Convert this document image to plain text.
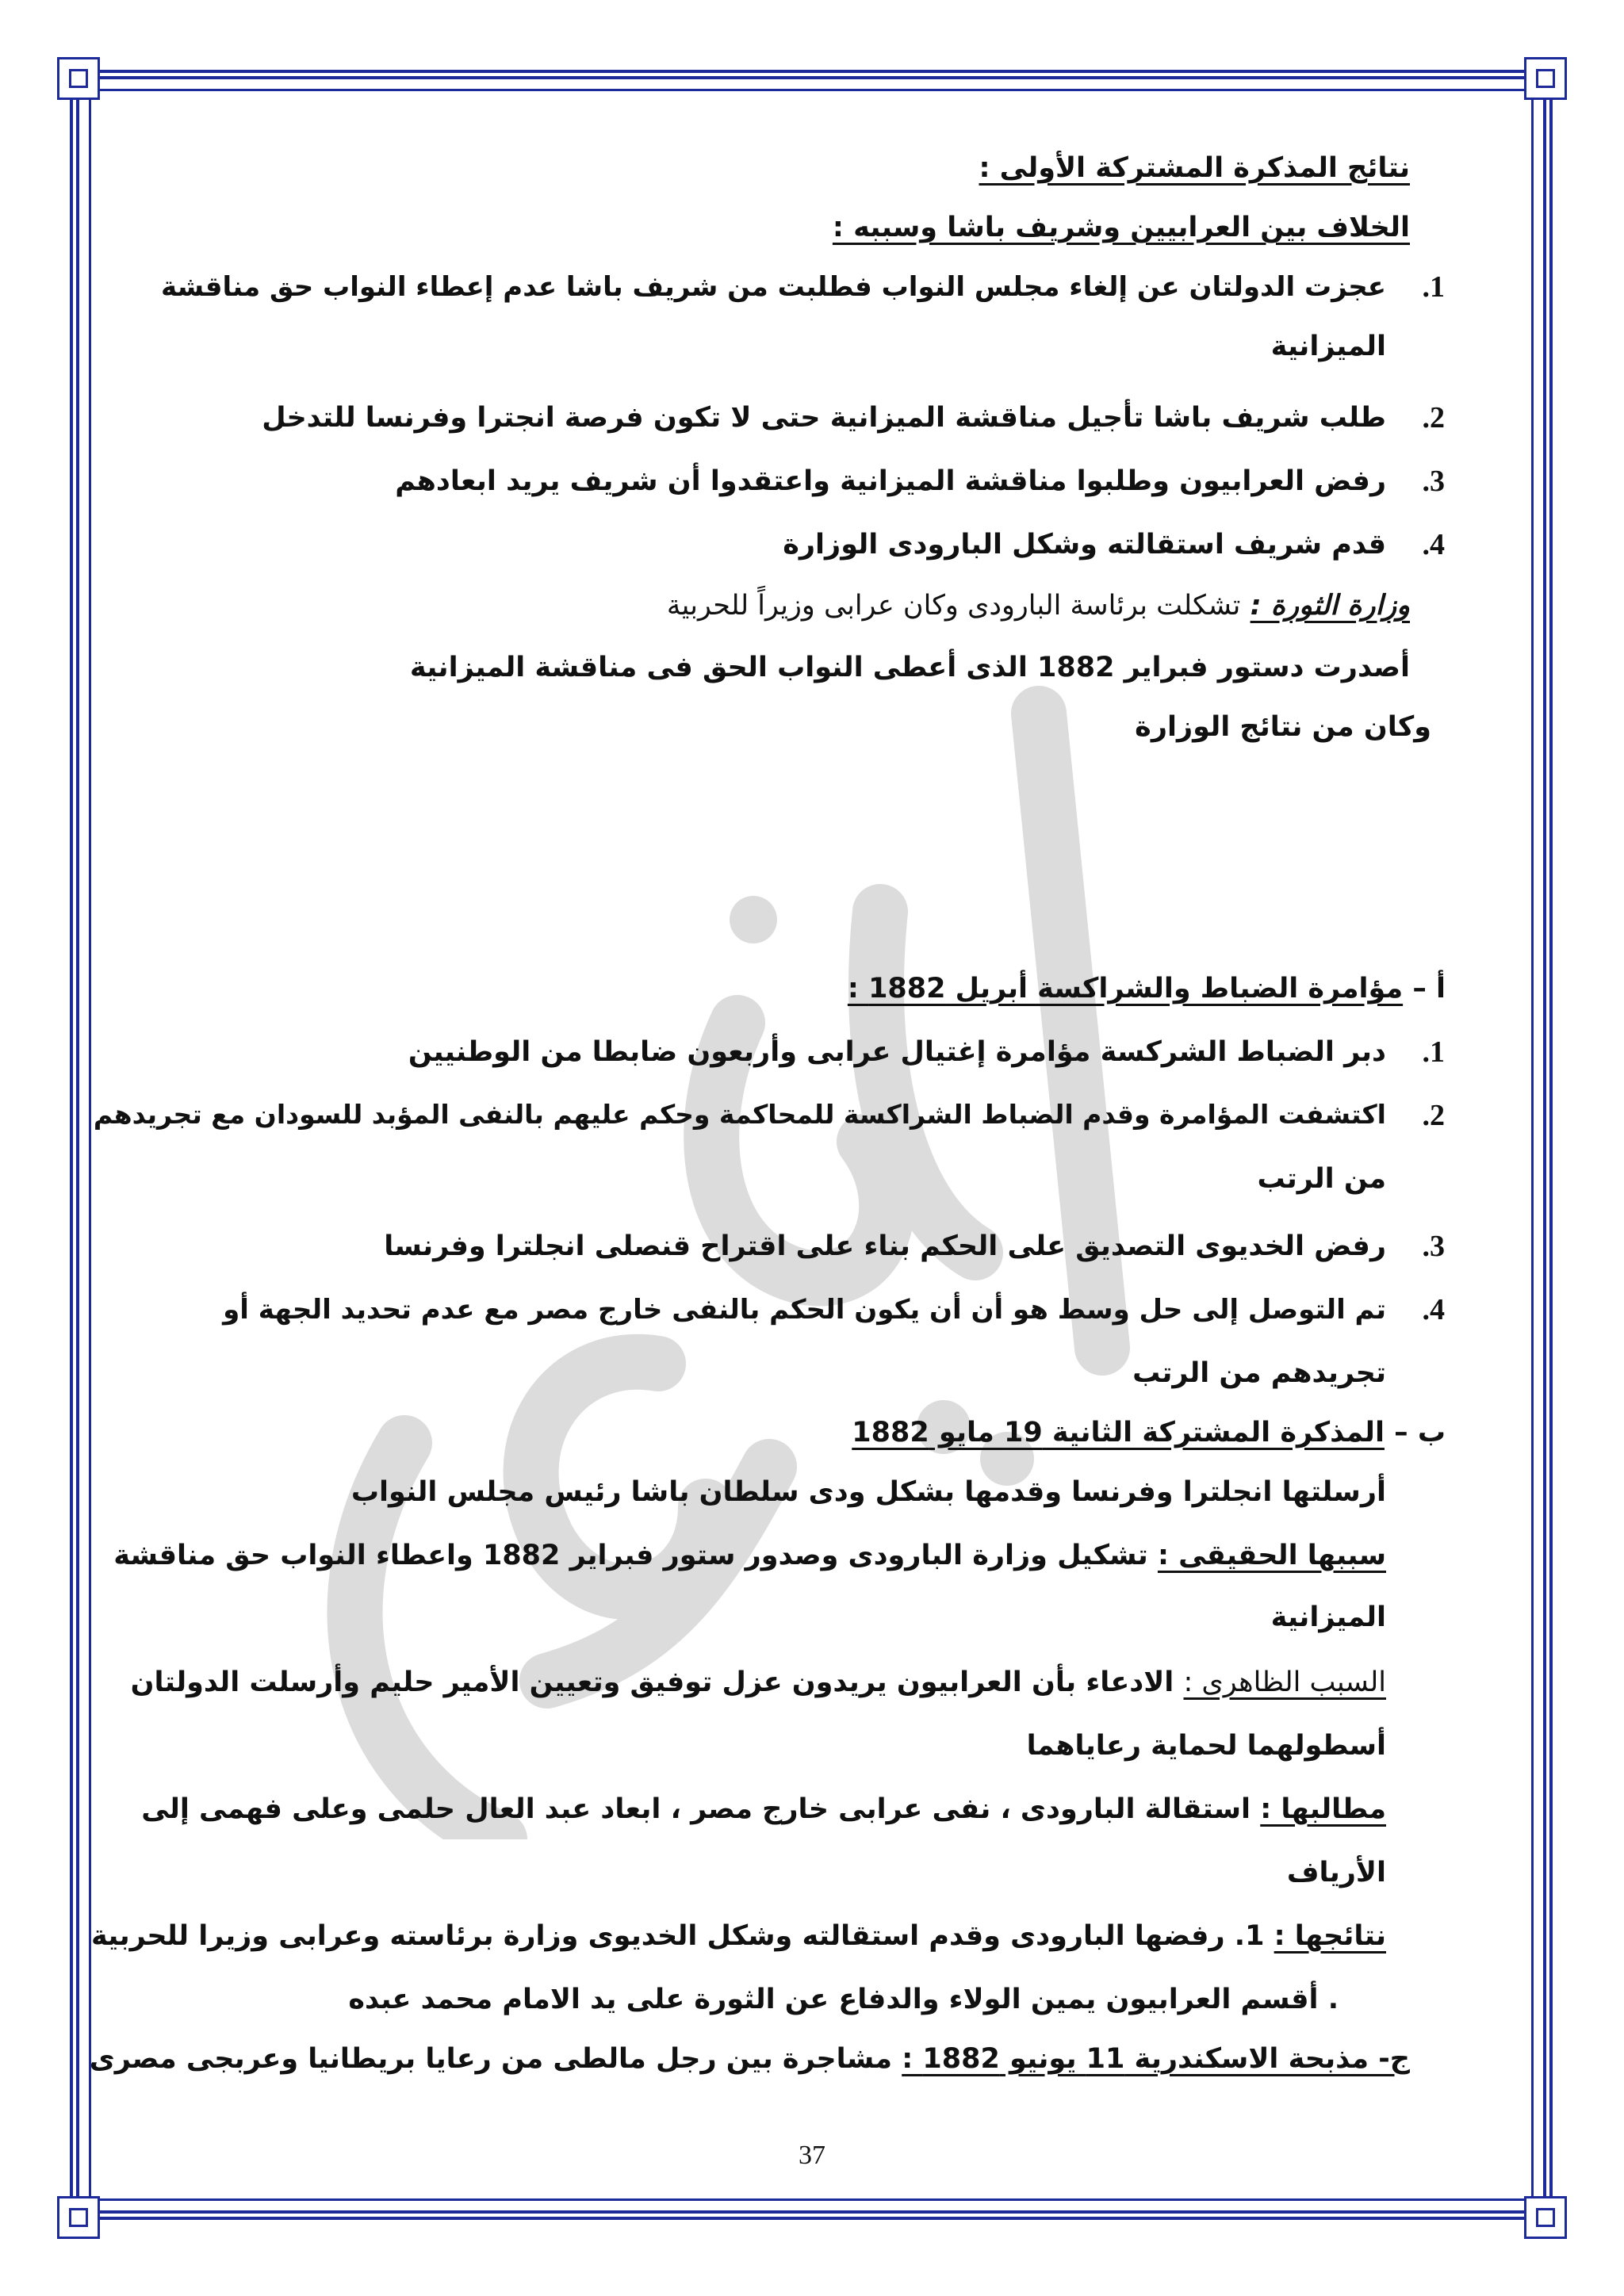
نتائج المذكرة المشتركة الأولى :
الخلاف بين العرابيين وشريف باشا وسببه :
1.
عجزت الدولتان عن إلغاء مجلس النواب فطلبت من شريف باشا عدم إعطاء النواب حق مناقشة
الميزانية
2.
طلب شريف باشا تأجيل مناقشة الميزانية حتى لا تكون فرصة انجترا وفرنسا للتدخل
3.
رفض العرابيون وطلبوا مناقشة الميزانية واعتقدوا أن شريف يريد ابعادهم
4.
قدم شريف استقالته وشكل البارودى الوزارة
وزارة الثورة : تشكلت برئاسة البارودى وكان عرابى وزيراً للحربية
أصدرت دستور فبراير 1882 الذى أعطى النواب الحق فى مناقشة الميزانية
وكان من نتائج الوزارة
أ – مؤامرة الضباط والشراكسة أبريل 1882 :
1.
دبر الضباط الشركسة مؤامرة إغتيال عرابى وأربعون ضابطا من الوطنيين
2.
اكتشفت المؤامرة وقدم الضباط الشراكسة للمحاكمة وحكم عليهم بالنفى المؤبد للسودان مع تجريدهم
من الرتب
3.
رفض الخديوى التصديق على الحكم بناء على اقتراح قنصلى انجلترا وفرنسا
4.
تم التوصل إلى حل وسط هو أن أن يكون الحكم بالنفى خارج مصر مع عدم تحديد الجهة أو
تجريدهم من الرتب
ب – المذكرة المشتركة الثانية 19 مايو 1882
أرسلتها انجلترا وفرنسا وقدمها بشكل ودى سلطان باشا رئيس مجلس النواب
سببها الحقيقى : تشكيل وزارة البارودى وصدور ستور فبراير 1882 واعطاء النواب حق مناقشة
الميزانية
السبب الظاهرى : الادعاء بأن العرابيون يريدون عزل توفيق وتعيين الأمير حليم وأرسلت الدولتان
أسطولهما لحماية رعاياهما
مطالبها : استقالة البارودى ، نفى عرابى خارج مصر ، ابعاد عبد العال حلمى وعلى فهمى إلى
الأرياف
نتائجها : 1. رفضها البارودى وقدم استقالته وشكل الخديوى وزارة برئاسته وعرابى وزيرا للحربية
. أقسم العرابيون يمين الولاء والدفاع عن الثورة على يد الامام محمد عبده
ج- مذبحة الاسكندرية 11 يونيو 1882 : مشاجرة بين رجل مالطى من رعايا بريطانيا وعربجى مصرى
37
